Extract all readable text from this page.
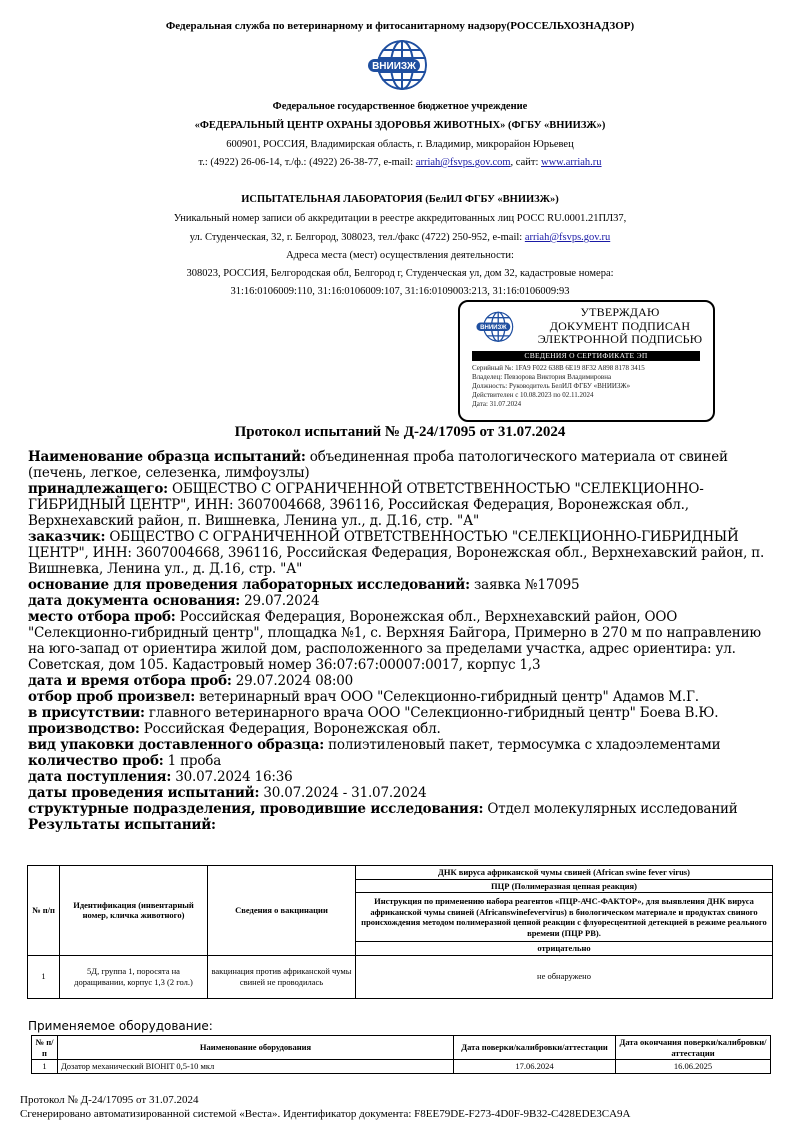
Федеральная служба по ветеринарному и фитосанитарному надзору(РОССЕЛЬХОЗНАДЗОР)
ВНИИЗЖ
Федеральное государственное бюджетное учреждение
«ФЕДЕРАЛЬНЫЙ ЦЕНТР ОХРАНЫ ЗДОРОВЬЯ ЖИВОТНЫХ» (ФГБУ «ВНИИЗЖ»)
600901, РОССИЯ, Владимирская область, г. Владимир, микрорайон Юрьевец
т.: (4922) 26-06-14, т./ф.: (4922) 26-38-77, e-mail: arriah@fsvps.gov.com, сайт: www.arriah.ru
ИСПЫТАТЕЛЬНАЯ ЛАБОРАТОРИЯ (БелИЛ ФГБУ «ВНИИЗЖ»)
Уникальный номер записи об аккредитации в реестре аккредитованных лиц РОСС RU.0001.21ПЛ37,
ул. Студенческая, 32, г. Белгород, 308023, тел./факс (4722) 250-952, e-mail: arriah@fsvps.gov.ru
Адреса места (мест) осуществления деятельности:
308023, РОССИЯ, Белгородская обл, Белгород г, Студенческая ул, дом 32, кадастровые номера:
31:16:0106009:110, 31:16:0106009:107, 31:16:0109003:213, 31:16:0106009:93
ВНИИЗЖ
УТВЕРЖДАЮ
ДОКУМЕНТ ПОДПИСАН
ЭЛЕКТРОННОЙ ПОДПИСЬЮ
СВЕДЕНИЯ О СЕРТИФИКАТЕ ЭП
Серийный №: 1FA9 F022 638B 6E19 8F32 A898 8178 3415
Владелец: Певзорова Виктория Владимировна
Должность: Руководитель БелИЛ ФГБУ «ВНИИЗЖ»
Действителен с 10.08.2023 по 02.11.2024
Дата: 31.07.2024
Протокол испытаний № Д-24/17095 от 31.07.2024

Наименование образца испытаний: объединенная проба патологического материала от свиней (печень, легкое, селезенка, лимфоузлы)

принадлежащего: ОБЩЕСТВО С ОГРАНИЧЕННОЙ ОТВЕТСТВЕННОСТЬЮ "СЕЛЕКЦИОННО-ГИБРИДНЫЙ ЦЕНТР", ИНН: 3607004668, 396116, Российская Федерация, Воронежская обл., Верхнехавский район, п. Вишневка, Ленина ул., д. Д.16, стр. "А"

заказчик: ОБЩЕСТВО С ОГРАНИЧЕННОЙ ОТВЕТСТВЕННОСТЬЮ "СЕЛЕКЦИОННО-ГИБРИДНЫЙ ЦЕНТР", ИНН: 3607004668, 396116, Российская Федерация, Воронежская обл., Верхнехавский район, п. Вишневка, Ленина ул., д. Д.16, стр. "А"

основание для проведения лабораторных исследований: заявка №17095

дата документа основания: 29.07.2024

место отбора проб: Российская Федерация, Воронежская обл., Верхнехавский район, ООО "Селекционно-гибридный центр", площадка №1, с. Верхняя Байгора, Примерно в 270 м по направлению на юго-запад от ориентира жилой дом, расположенного за пределами участка, адрес ориентира: ул. Советская, дом 105. Кадастровый номер 36:07:67:00007:0017, корпус 1,3

дата и время отбора проб: 29.07.2024 08:00

отбор проб произвел: ветеринарный врач ООО "Селекционно-гибридный центр" Адамов М.Г.

в присутствии: главного ветеринарного врача ООО "Селекционно-гибридный центр" Боева В.Ю.

производство: Российская Федерация, Воронежская обл.

вид упаковки доставленного образца: полиэтиленовый пакет, термосумка с хладоэлементами

количество проб: 1 проба

дата поступления: 30.07.2024 16:36

даты проведения испытаний: 30.07.2024 - 31.07.2024

структурные подразделения, проводившие исследования: Отдел молекулярных исследований

Результаты испытаний:

№ п/п	Идентификация (инвентарный номер, кличка животного)	Сведения о вакцинации	ДНК вируса африканской чумы свиней (African swine fever virus)
			ПЦР (Полимеразная цепная реакция)
			Инструкция по применению набора реагентов «ПЦР-АЧС-ФАКТОР», для выявления ДНК вируса африканской чумы свиней (Africanswinefevervirus) в биологическом материале и продуктах свиного происхождения методом полимеразной цепной реакции с флуоресцентной детекцией в режиме реального времени (ПЦР РВ).
			отрицательно
1	5Д, группа 1, поросята на доращивании, корпус 1,3 (2 гол.)	вакцинация против африканской чумы свиней не проводилась	не обнаружено
Применяемое оборудование:
№ п/п	Наименование оборудования	Дата поверки/калибровки/аттестации	Дата окончания поверки/калибровки/аттестации
1	Дозатор механический BIOHIT 0,5-10 мкл	17.06.2024	16.06.2025
Протокол № Д-24/17095 от 31.07.2024
Сгенерировано автоматизированной системой «Веста». Идентификатор документа: F8EE79DE-F273-4D0F-9B32-C428EDE3CA9A
